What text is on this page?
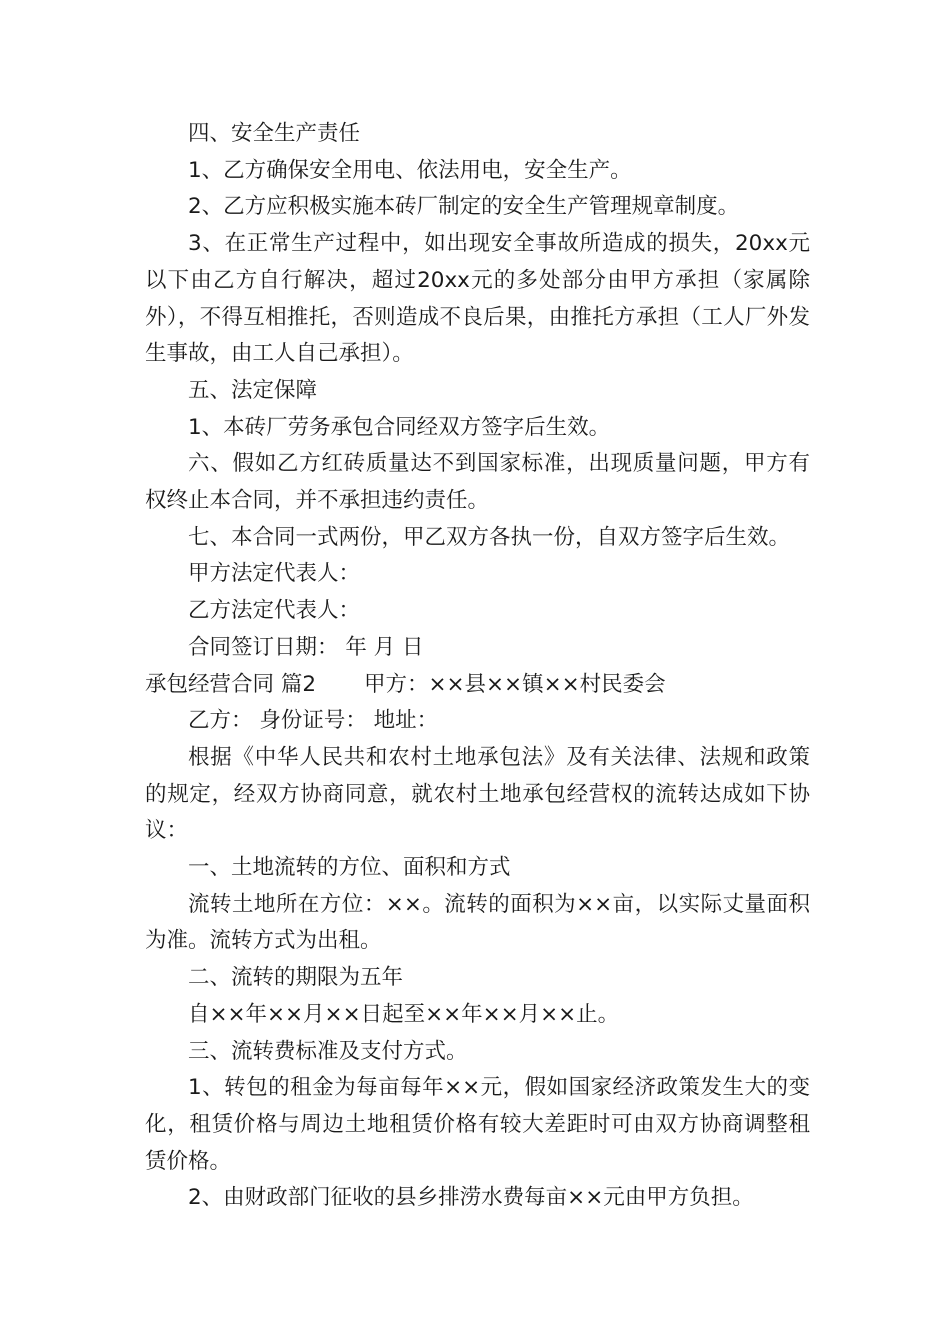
四、安全生产责任

1、乙方确保安全用电、依法用电，安全生产。

2、乙方应积极实施本砖厂制定的安全生产管理规章制度。

3、在正常生产过程中，如出现安全事故所造成的损失，20xx元以下由乙方自行解决，超过20xx元的多处部分由甲方承担（家属除外），不得互相推托，否则造成不良后果，由推托方承担（工人厂外发生事故，由工人自己承担）。

五、法定保障

1、本砖厂劳务承包合同经双方签字后生效。

六、假如乙方红砖质量达不到国家标准，出现质量问题，甲方有权终止本合同，并不承担违约责任。

七、本合同一式两份，甲乙双方各执一份，自双方签字后生效。

甲方法定代表人：

乙方法定代表人：

合同签订日期： 年 月 日

承包经营合同 篇2 甲方：××县××镇××村民委会

乙方： 身份证号： 地址：

根据《中华人民共和农村土地承包法》及有关法律、法规和政策的规定，经双方协商同意，就农村土地承包经营权的流转达成如下协议：

一、土地流转的方位、面积和方式

流转土地所在方位：××。流转的面积为××亩，以实际丈量面积为准。流转方式为出租。

二、流转的期限为五年

自××年××月××日起至××年××月××止。

三、流转费标准及支付方式。

1、转包的租金为每亩每年××元，假如国家经济政策发生大的变化，租赁价格与周边土地租赁价格有较大差距时可由双方协商调整租赁价格。

2、由财政部门征收的县乡排涝水费每亩××元由甲方负担。
